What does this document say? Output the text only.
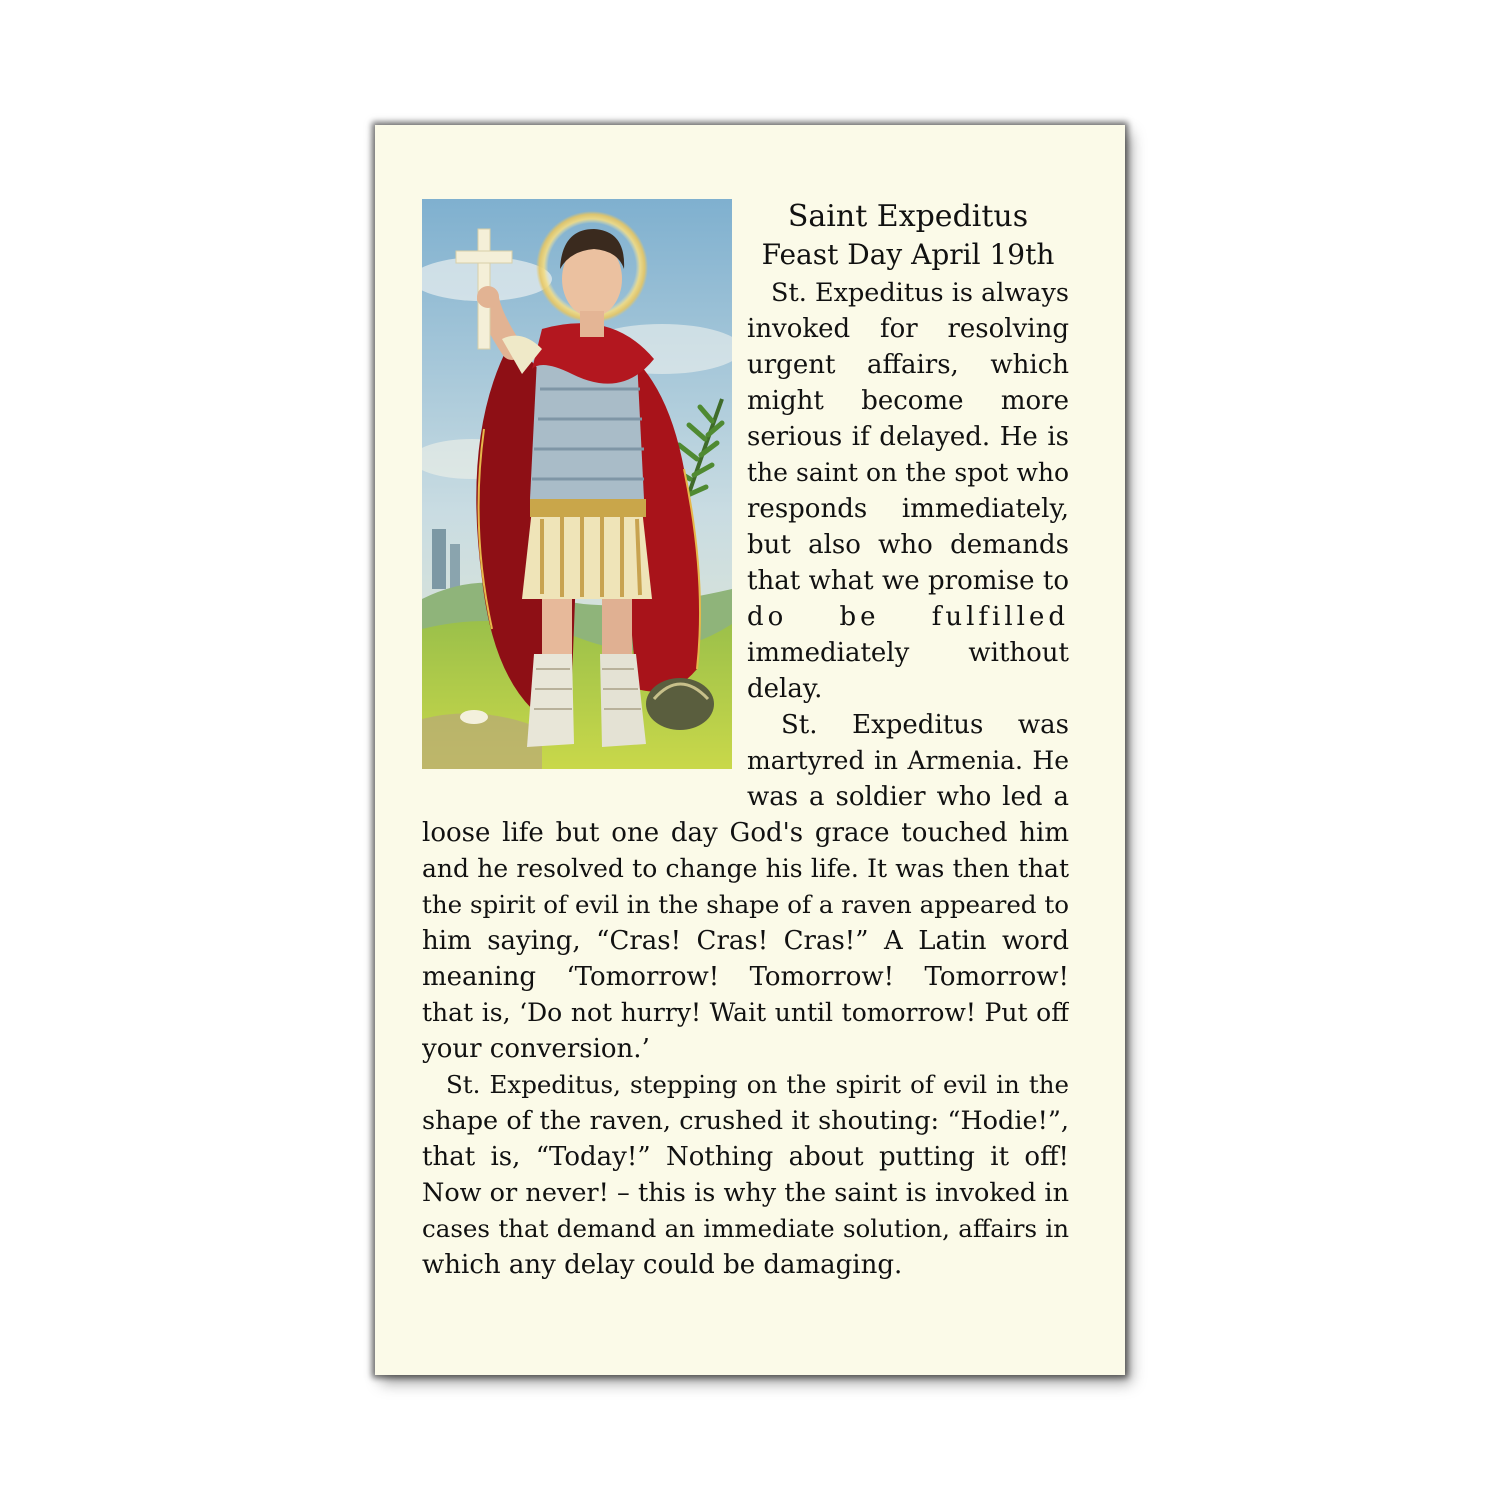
Saint Expeditus
Feast Day April 19th
St. Expeditus is always
invoked for resolving
urgent affairs, which
might become more
serious if delayed. He is
the saint on the spot who
responds immediately,
but also who demands
that what we promise to
do be fulfilled
immediately without
delay.
St. Expeditus was
martyred in Armenia. He
was a soldier who led a
loose life but one day God's grace touched him
and he resolved to change his life. It was then that
the spirit of evil in the shape of a raven appeared to
him saying, “Cras! Cras! Cras!” A Latin word
meaning ‘Tomorrow! Tomorrow! Tomorrow!
that is, ‘Do not hurry! Wait until tomorrow! Put off
your conversion.’
St. Expeditus, stepping on the spirit of evil in the
shape of the raven, crushed it shouting: “Hodie!”,
that is, “Today!” Nothing about putting it off!
Now or never! – this is why the saint is invoked in
cases that demand an immediate solution, affairs in
which any delay could be damaging.
